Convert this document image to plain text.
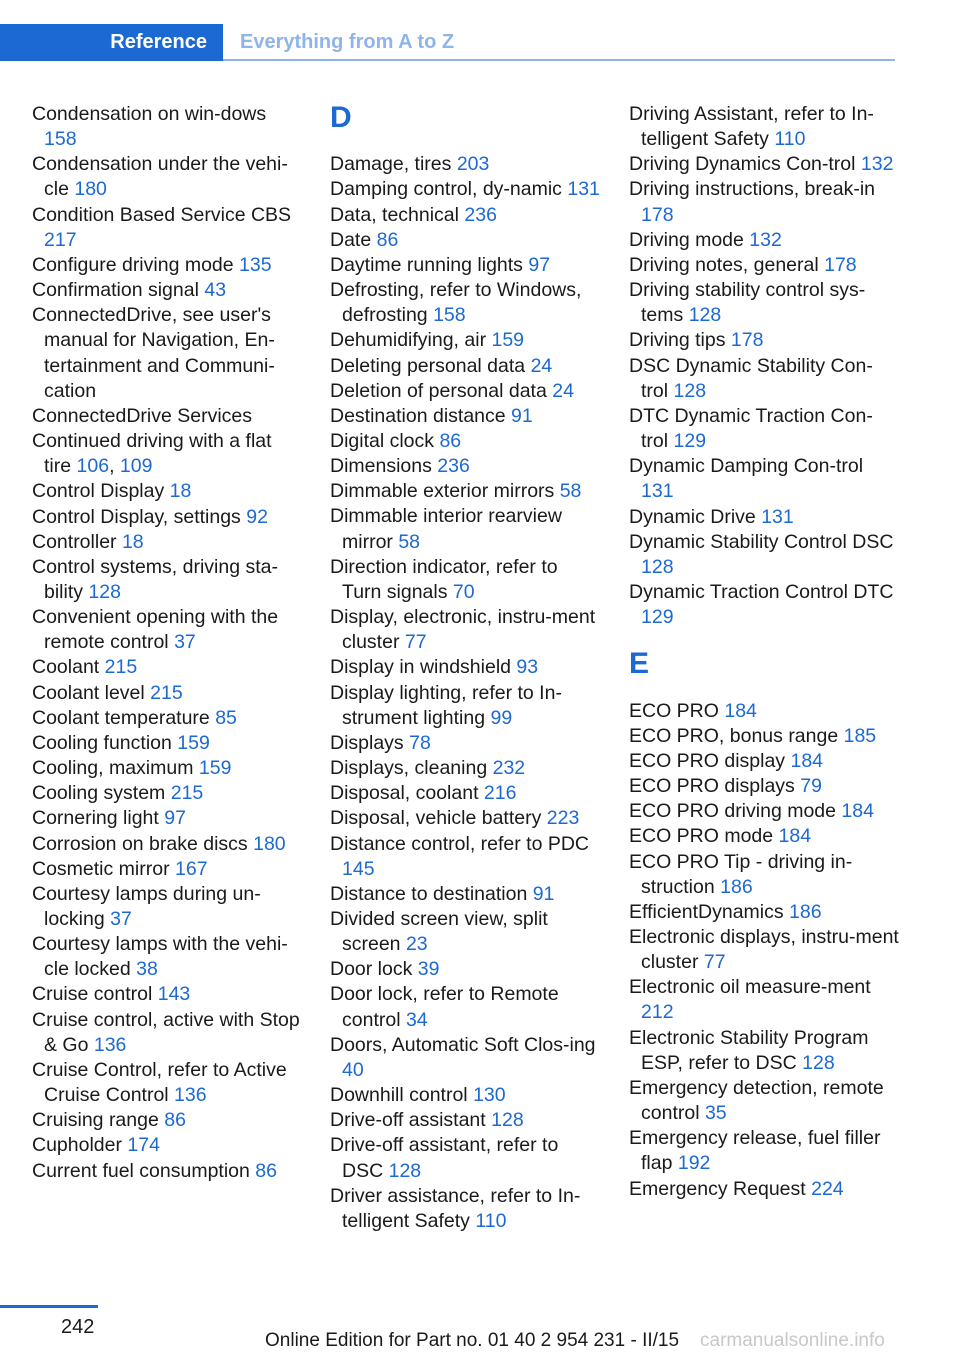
Reference	Everything from A to Z
Condensation on win-dows 158
Condensation under the vehi-cle 180
Condition Based Service CBS 217
Configure driving mode 135
Confirmation signal 43
ConnectedDrive, see user's manual for Navigation, En-tertainment and Communi-cation
ConnectedDrive Services
Continued driving with a flat tire 106, 109
Control Display 18
Control Display, settings 92
Controller 18
Control systems, driving sta-bility 128
Convenient opening with the remote control 37
Coolant 215
Coolant level 215
Coolant temperature 85
Cooling function 159
Cooling, maximum 159
Cooling system 215
Cornering light 97
Corrosion on brake discs 180
Cosmetic mirror 167
Courtesy lamps during un-locking 37
Courtesy lamps with the vehi-cle locked 38
Cruise control 143
Cruise control, active with Stop & Go 136
Cruise Control, refer to Active Cruise Control 136
Cruising range 86
Cupholder 174
Current fuel consumption 86
D
Damage, tires 203
Damping control, dy-namic 131
Data, technical 236
Date 86
Daytime running lights 97
Defrosting, refer to Windows, defrosting 158
Dehumidifying, air 159
Deleting personal data 24
Deletion of personal data 24
Destination distance 91
Digital clock 86
Dimensions 236
Dimmable exterior mirrors 58
Dimmable interior rearview mirror 58
Direction indicator, refer to Turn signals 70
Display, electronic, instru-ment cluster 77
Display in windshield 93
Display lighting, refer to In-strument lighting 99
Displays 78
Displays, cleaning 232
Disposal, coolant 216
Disposal, vehicle battery 223
Distance control, refer to PDC 145
Distance to destination 91
Divided screen view, split screen 23
Door lock 39
Door lock, refer to Remote control 34
Doors, Automatic Soft Clos-ing 40
Downhill control 130
Drive-off assistant 128
Drive-off assistant, refer to DSC 128
Driver assistance, refer to In-telligent Safety 110
Driving Assistant, refer to In-telligent Safety 110
Driving Dynamics Con-trol 132
Driving instructions, break-in 178
Driving mode 132
Driving notes, general 178
Driving stability control sys-tems 128
Driving tips 178
DSC Dynamic Stability Con-trol 128
DTC Dynamic Traction Con-trol 129
Dynamic Damping Con-trol 131
Dynamic Drive 131
Dynamic Stability Control DSC 128
Dynamic Traction Control DTC 129
E
ECO PRO 184
ECO PRO, bonus range 185
ECO PRO display 184
ECO PRO displays 79
ECO PRO driving mode 184
ECO PRO mode 184
ECO PRO Tip - driving in-struction 186
EfficientDynamics 186
Electronic displays, instru-ment cluster 77
Electronic oil measure-ment 212
Electronic Stability Program ESP, refer to DSC 128
Emergency detection, remote control 35
Emergency release, fuel filler flap 192
Emergency Request 224
242
Online Edition for Part no. 01 40 2 954 231 - II/15 carmanualsonline.info
